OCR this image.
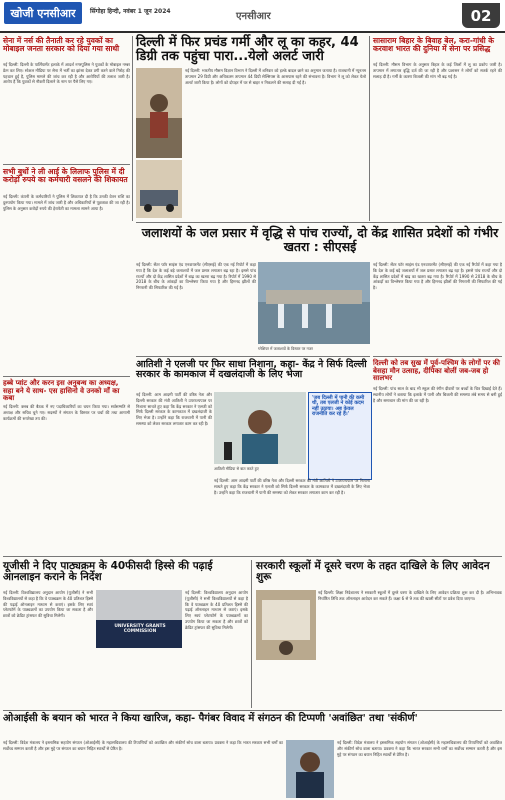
खोजी एनसीआर	सिंगोहा हिन्दी, नवंबर 1 जून 2024	एनसीआर	02
सेना में नर्स की तैनाती कर रहे युवकों का मोबाइल जनता सरकार को दिया गया साथी
नई दिल्ली: दिल्ली के पार्लियामेंट इलाके में आदर्श नगरपुलिस ने युवकों के मोबाइल नम्बर फ्रेम कर लिए। सोशल मीडिया पर सेना में भर्ती का झांसा देकर ठगी करने वाले गिरोह की पहचान हुई है, पुलिस मामले की जांच कर रही है और आरोपियों की तलाश जारी है। आरोप है कि युवकों से नौकरी दिलाने के नाम पर पैसे लिए गए।
सभी बुधों ने ली आई के लिलाफ पुलिस में दी करोड़ों रुपये का कर्मचारी वसलने की शिकायत
नई दिल्ली: कंपनी के कर्मचारियों ने पुलिस में शिकायत दी है कि उनकी वेतन राशि का दुरुपयोग किया गया। मामले में जांच जारी है और अधिकारियों से पूछताछ की जा रही है। पुलिस के अनुसार करोड़ों रुपये की हेराफेरी का मामला सामने आया है।
हब्बे प्वांट और करन इस अनुबन्ध का अध्यक्ष, सहा बने ये साथ- एस हासिनो वे उनको माँ का कबा
नई दिल्ली: क्लब की बैठक में नए पदाधिकारियों का चयन किया गया। सर्वसम्मति से अध्यक्ष और सचिव चुने गए। सदस्यों ने संगठन के विस्तार पर चर्चा की तथा आगामी कार्यक्रमों की रूपरेखा तय की।
दिल्ली में फिर प्रचंड गर्मी और लू का कहर, 44 डिग्री तक पहुंचा पारा...येलो अलर्ट जारी
नई दिल्ली: भारतीय मौसम विज्ञान विभाग ने दिल्ली में शनिवार को हल्के बादल छाने का अनुमान जताया है। राजधानी में न्यूनतम तापमान 29 डिग्री और अधिकतम तापमान 44 डिग्री सेल्सियस के आसपास रहने की संभावना है। विभाग ने लू को लेकर येलो अलर्ट जारी किया है। लोगों को दोपहर में घर से बाहर न निकलने की सलाह दी गई है।
सासाराम बिहार के बिवाह बेल, करा-गांधी के करवाश भारत की दुनिया में सेना पर प्रसिद्ध
नई दिल्ली: मौसम विभाग के अनुसार बिहार के कई जिलों में लू का प्रकोप जारी है। तापमान में लगातार वृद्धि दर्ज की जा रही है और प्रशासन ने लोगों को सतर्क रहने की सलाह दी है। गर्मी के कारण बिजली की मांग भी बढ़ गई है।
जलाशयों के जल प्रसार में वृद्धि से पांच राज्यों, दो केंद्र शासित प्रदेशों को गंभीर खतरा : सीएसई
नई दिल्ली: सेंटर फॉर साइंस एंड एनवायरमेंट (सीएसई) की एक नई रिपोर्ट में कहा गया है कि देश के कई बड़े जलाशयों में जल प्रसार लगातार बढ़ रहा है। इससे पांच राज्यों और दो केंद्र शासित प्रदेशों में बाढ़ का खतरा बढ़ गया है। रिपोर्ट में 1990 से 2018 के बीच के आंकड़ों का विश्लेषण किया गया है और हिमनद झीलों की निगरानी की सिफारिश की गई है।
ग्लेशियर में जलाशयों के विस्तार पर नजर
नई दिल्ली: सेंटर फॉर साइंस एंड एनवायरमेंट (सीएसई) की एक नई रिपोर्ट में कहा गया है कि देश के कई बड़े जलाशयों में जल प्रसार लगातार बढ़ रहा है। इससे पांच राज्यों और दो केंद्र शासित प्रदेशों में बाढ़ का खतरा बढ़ गया है। रिपोर्ट में 1990 से 2018 के बीच के आंकड़ों का विश्लेषण किया गया है और हिमनद झीलों की निगरानी की सिफारिश की गई है।
आतिशी ने एलजी पर फिर साधा निशाना, कहा- केंद्र ने सिर्फ दिल्ली सरकार के कामकाज में दखलंदाजी के लिए भेजा
नई दिल्ली: आम आदमी पार्टी की वरिष्ठ नेता और दिल्ली सरकार की मंत्री आतिशी ने उपराज्यपाल पर निशाना साधते हुए कहा कि केंद्र सरकार ने एलजी को सिर्फ दिल्ली सरकार के कामकाज में दखलंदाजी के लिए भेजा है। उन्होंने कहा कि राजधानी में पानी की समस्या को लेकर सरकार लगातार काम कर रही है।
आतिशी मीडिया से बात करते हुए
'जब दिल्ली में पानी की कमी थी, तब एलजी ने कोई कदम नहीं उठाया। अब केवल राजनीति कर रहे हैं।'
नई दिल्ली: आम आदमी पार्टी की वरिष्ठ नेता और दिल्ली सरकार की मंत्री आतिशी ने उपराज्यपाल पर निशाना साधते हुए कहा कि केंद्र सरकार ने एलजी को सिर्फ दिल्ली सरकार के कामकाज में दखलंदाजी के लिए भेजा है। उन्होंने कहा कि राजधानी में पानी की समस्या को लेकर सरकार लगातार काम कर रही है।
दिल्ली को तब सुख में पूर्व-पश्चिम के लोगों पर की बेसहा मौन उत्साह, दीपिका बोलीं जब-जब हो सालभर
नई दिल्ली: पांच साल के बाद भी स्कूल की रंगीन दीवारों पर बच्चों के चित्र दिखाई देते हैं। स्थानीय लोगों ने बताया कि इलाके में पानी और बिजली की समस्या लंबे समय से बनी हुई है और समाधान की मांग की जा रही है।
यूजीसी ने दिए पाठ्यक्रम के 40फीसदी हिस्से की पढ़ाई आनलाइन कराने के निर्देश
नई दिल्ली: विश्वविद्यालय अनुदान आयोग (यूजीसी) ने सभी विश्वविद्यालयों से कहा है कि वे पाठ्यक्रम के 40 प्रतिशत हिस्से की पढ़ाई ऑनलाइन माध्यम से कराएं। इसके लिए स्वयं प्लेटफॉर्म के पाठ्यक्रमों का उपयोग किया जा सकता है और छात्रों को क्रेडिट ट्रांसफर की सुविधा मिलेगी।
UNIVERSITY GRANTS COMMISSION
नई दिल्ली: विश्वविद्यालय अनुदान आयोग (यूजीसी) ने सभी विश्वविद्यालयों से कहा है कि वे पाठ्यक्रम के 40 प्रतिशत हिस्से की पढ़ाई ऑनलाइन माध्यम से कराएं। इसके लिए स्वयं प्लेटफॉर्म के पाठ्यक्रमों का उपयोग किया जा सकता है और छात्रों को क्रेडिट ट्रांसफर की सुविधा मिलेगी।
सरकारी स्कूलों में दूसरे चरण के तहत दाखिले के लिए आवेदन शुरू
नई दिल्ली: शिक्षा निदेशालय ने सरकारी स्कूलों में दूसरे चरण के दाखिले के लिए आवेदन प्रक्रिया शुरू कर दी है। अभिभावक निर्धारित तिथि तक ऑनलाइन आवेदन कर सकते हैं। कक्षा 6 से 9 तक की खाली सीटों पर प्रवेश दिया जाएगा।
ओआईसी के बयान को भारत ने किया खारिज, कहा- पैगंबर विवाद में संगठन की टिप्पणी 'अवांछित' तथा 'संकीर्ण'
नई दिल्ली: विदेश मंत्रालय ने इस्लामिक सहयोग संगठन (ओआईसी) के महासचिवालय की टिप्पणियों को अवांछित और संकीर्ण सोच वाला बताया। प्रवक्ता ने कहा कि भारत सरकार सभी धर्मों का सर्वोच्च सम्मान करती है और इस मुद्दे पर संगठन का बयान निहित स्वार्थों से प्रेरित है।
नई दिल्ली: विदेश मंत्रालय ने इस्लामिक सहयोग संगठन (ओआईसी) के महासचिवालय की टिप्पणियों को अवांछित और संकीर्ण सोच वाला बताया। प्रवक्ता ने कहा कि भारत सरकार सभी धर्मों का सर्वोच्च सम्मान करती है और इस मुद्दे पर संगठन का बयान निहित स्वार्थों से प्रेरित है।
